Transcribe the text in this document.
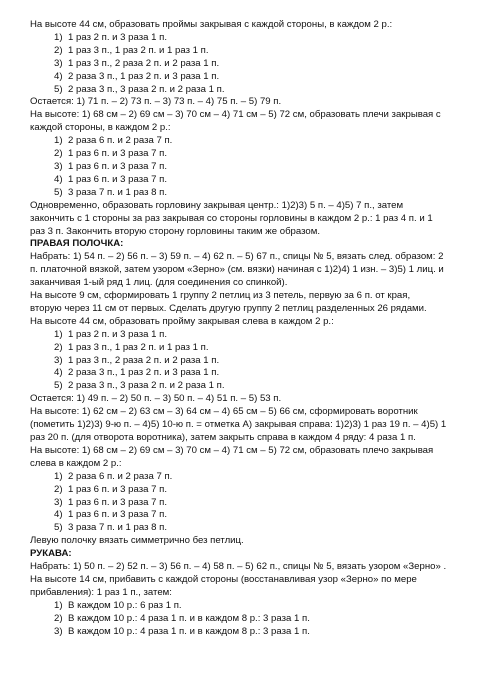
На высоте 44 см, образовать проймы закрывая с каждой стороны, в каждом 2 р.:
1) 1 раз 2 п. и 3 раза 1 п.
2) 1 раз 3 п., 1 раз 2 п. и 1 раз 1 п.
3) 1 раз 3 п., 2 раза 2 п. и 2 раза 1 п.
4) 2 раза 3 п., 1 раз 2 п. и 3 раза 1 п.
5) 2 раза 3 п., 3 раза 2 п. и 2 раза 1 п.
Остается: 1) 71 п. – 2) 73 п. – 3) 73 п. – 4) 75 п. – 5) 79 п.
На высоте: 1) 68 см – 2) 69 см – 3) 70 см – 4) 71 см – 5) 72 см, образовать плечи закрывая с
каждой стороны, в каждом 2 р.:
1) 2 раза 6 п. и 2 раза 7 п.
2) 1 раз 6 п. и 3 раза 7 п.
3) 1 раз 6 п. и 3 раза 7 п.
4) 1 раз 6 п. и 3 раза 7 п.
5) 3 раза 7 п. и 1 раз 8 п.
Одновременно, образовать горловину закрывая центр.: 1)2)3) 5 п. – 4)5) 7 п., затем
закончить с 1 стороны за раз закрывая со стороны горловины в каждом 2 р.: 1 раз 4 п. и 1
раз 3 п. Закончить вторую сторону горловины таким же образом.
ПРАВАЯ ПОЛОЧКА:
Набрать: 1) 54 п. – 2) 56 п. – 3) 59 п. – 4) 62 п. – 5) 67 п., спицы № 5, вязать след. образом: 2
п. платочной вязкой, затем узором «Зерно» (см. вязки) начиная с 1)2)4) 1 изн. – 3)5) 1 лиц. и
заканчивая 1-ый ряд 1 лиц. (для соединения со спинкой).
На высоте 9 см, сформировать 1 группу 2 петлиц из 3 петель, первую за 6 п. от края,
вторую через 11 см от первых. Сделать другую группу 2 петлиц разделенных 26 рядами.
На высоте 44 см, образовать пройму закрывая слева в каждом 2 р.:
1) 1 раз 2 п. и 3 раза 1 п.
2) 1 раз 3 п., 1 раз 2 п. и 1 раз 1 п.
3) 1 раз 3 п., 2 раза 2 п. и 2 раза 1 п.
4) 2 раза 3 п., 1 раз 2 п. и 3 раза 1 п.
5) 2 раза 3 п., 3 раза 2 п. и 2 раза 1 п.
Остается: 1) 49 п. – 2) 50 п. – 3) 50 п. – 4) 51 п. – 5) 53 п.
На высоте: 1) 62 см – 2) 63 см – 3) 64 см – 4) 65 см – 5) 66 см, сформировать воротник
(пометить 1)2)3) 9-ю п. – 4)5) 10-ю п. = отметка А) закрывая справа: 1)2)3) 1 раз 19 п. – 4)5) 1
раз 20 п. (для отворота воротника), затем закрыть справа в каждом 4 ряду: 4 раза 1 п.
На высоте: 1) 68 см – 2) 69 см – 3) 70 см – 4) 71 см – 5) 72 см, образовать плечо закрывая
слева в каждом 2 р.:
1) 2 раза 6 п. и 2 раза 7 п.
2) 1 раз 6 п. и 3 раза 7 п.
3) 1 раз 6 п. и 3 раза 7 п.
4) 1 раз 6 п. и 3 раза 7 п.
5) 3 раза 7 п. и 1 раз 8 п.
Левую полочку вязать симметрично без петлиц.
РУКАВА:
Набрать: 1) 50 п. – 2) 52 п. – 3) 56 п. – 4) 58 п. – 5) 62 п., спицы № 5, вязать узором «Зерно» .
На высоте 14 см, прибавить с каждой стороны (восстанавливая узор «Зерно» по мере
прибавления): 1 раз 1 п., затем:
1) В каждом 10 р.: 6 раз 1 п.
2) В каждом 10 р.: 4 раза 1 п. и в каждом 8 р.: 3 раза 1 п.
3) В каждом 10 р.: 4 раза 1 п. и в каждом 8 р.: 3 раза 1 п.
